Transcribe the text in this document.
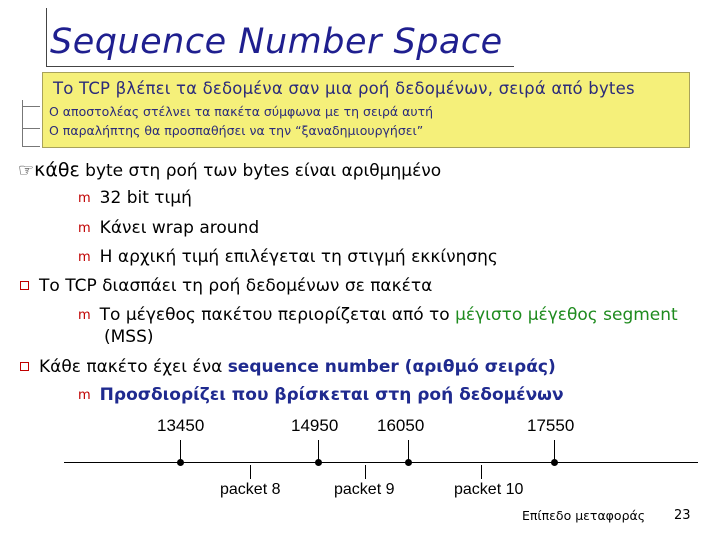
Sequence Number Space
Το TCP βλέπει τα δεδομένα σαν μια ροή δεδομένων, σειρά από bytes
Ο αποστολέας στέλνει τα πακέτα σύμφωνα με τη σειρά αυτή
Ο παραλήπτης θα προσπαθήσει να την “ξαναδημιουργήσει”
☞κάθε byte στη ροή των bytes είναι αριθμημένο
m 32 bit τιμή
m Κάνει wrap around
m Η αρχική τιμή επιλέγεται τη στιγμή εκκίνησης
Το TCP διασπάει τη ροή δεδομένων σε πακέτα
m Το μέγεθος πακέτου περιορίζεται από το μέγιστο μέγεθος segment
(MSS)
Κάθε πακέτο έχει ένα sequence number (αριθμό σειράς)
m Προσδιορίζει που βρίσκεται στη ροή δεδομένων
13450	14950 16050	17550
packet 8	packet 9	packet 10
Επίπεδο μεταφοράς 23
